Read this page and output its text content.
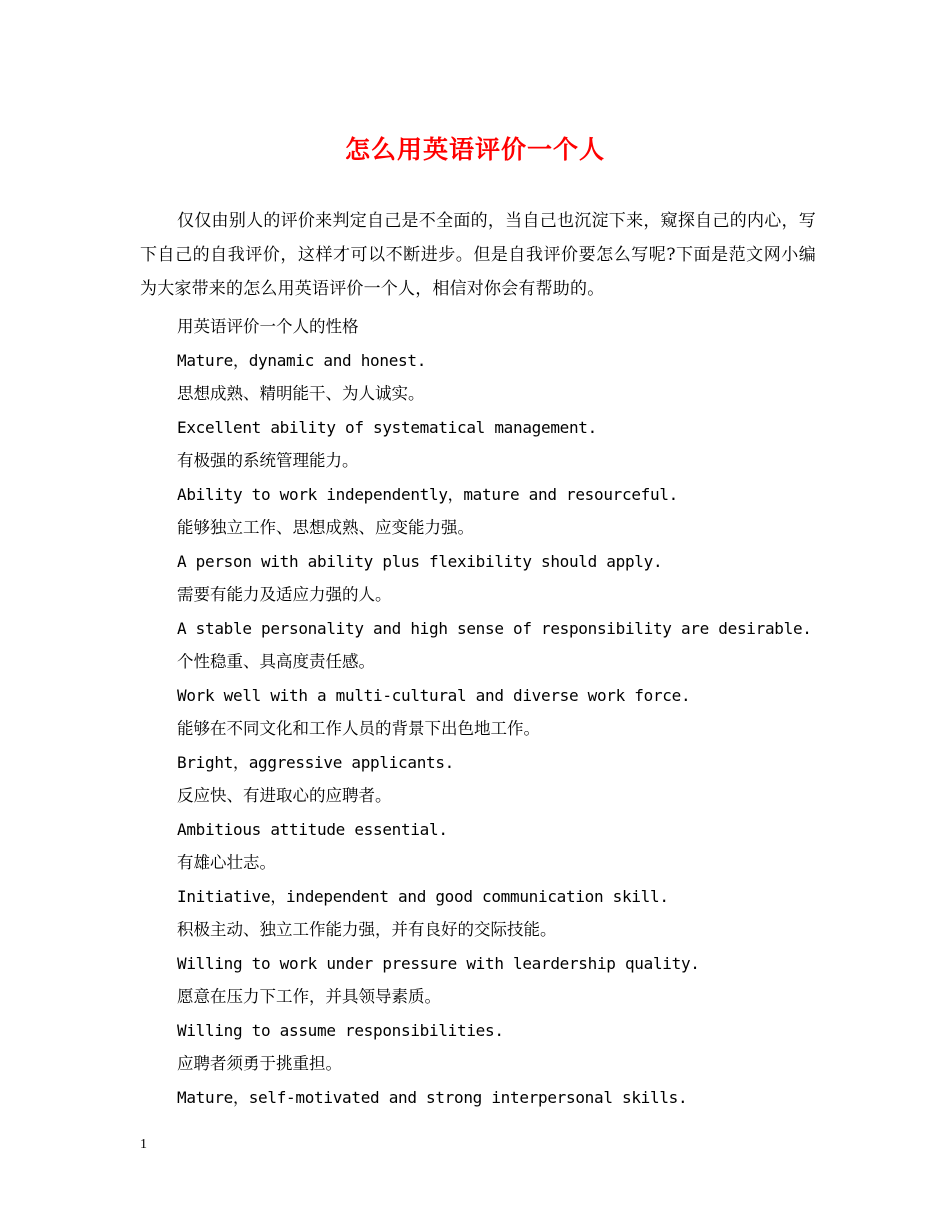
怎么用英语评价一个人
仅仅由别人的评价来判定自己是不全面的，当自己也沉淀下来，窥探自己的内心，写下自己的自我评价，这样才可以不断进步。但是自我评价要怎么写呢?下面是范文网小编为大家带来的怎么用英语评价一个人，相信对你会有帮助的。
用英语评价一个人的性格
Mature，dynamic and honest.
思想成熟、精明能干、为人诚实。
Excellent ability of systematical management.
有极强的系统管理能力。
Ability to work independently，mature and resourceful.
能够独立工作、思想成熟、应变能力强。
A person with ability plus flexibility should apply.
需要有能力及适应力强的人。
A stable personality and high sense of responsibility are desirable.
个性稳重、具高度责任感。
Work well with a multi-cultural and diverse work force.
能够在不同文化和工作人员的背景下出色地工作。
Bright，aggressive applicants.
反应快、有进取心的应聘者。
Ambitious attitude essential.
有雄心壮志。
Initiative，independent and good communication skill.
积极主动、独立工作能力强，并有良好的交际技能。
Willing to work under pressure with leardership quality.
愿意在压力下工作，并具领导素质。
Willing to assume responsibilities.
应聘者须勇于挑重担。
Mature，self-motivated and strong interpersonal skills.
1
